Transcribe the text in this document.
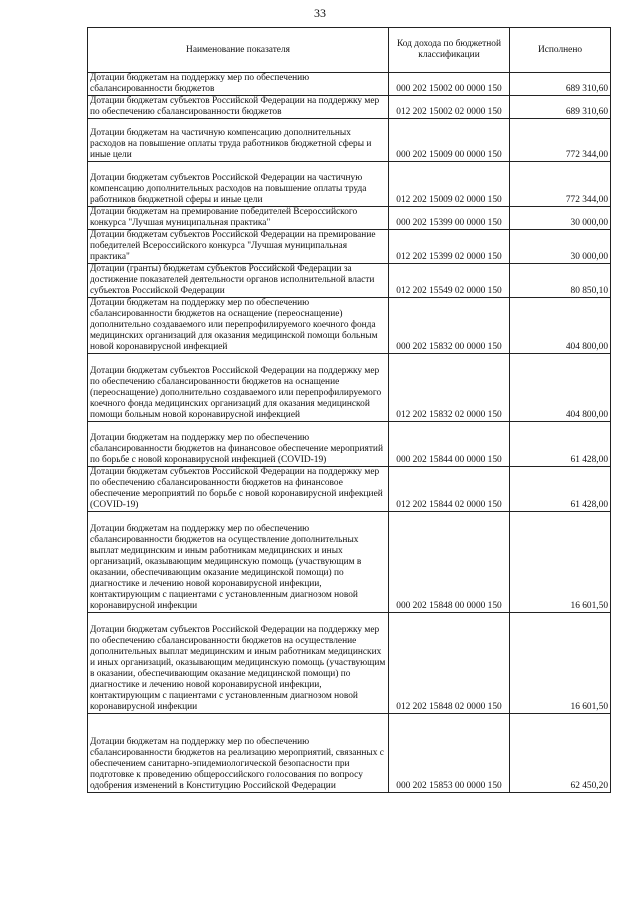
33
Наименование показателя	Код дохода по бюджетной классификации	Исполнено
Дотации бюджетам на поддержку мер по обеспечению сбалансированности бюджетов	000 202 15002 00 0000 150	689 310,60
Дотации бюджетам субъектов Российской Федерации на поддержку мер по обеспечению сбалансированности бюджетов	012 202 15002 02 0000 150	689 310,60
Дотации бюджетам на частичную компенсацию дополнительных расходов на повышение оплаты труда работников бюджетной сферы и иные цели	000 202 15009 00 0000 150	772 344,00
Дотации бюджетам субъектов Российской Федерации на частичную компенсацию дополнительных расходов на повышение оплаты труда работников бюджетной сферы и иные цели	012 202 15009 02 0000 150	772 344,00
Дотации бюджетам на премирование победителей Всероссийского конкурса "Лучшая муниципальная практика"	000 202 15399 00 0000 150	30 000,00
Дотации бюджетам субъектов Российской Федерации на премирование победителей Всероссийского конкурса "Лучшая муниципальная практика"	012 202 15399 02 0000 150	30 000,00
Дотации (гранты) бюджетам субъектов Российской Федерации за достижение показателей деятельности органов исполнительной власти субъектов Российской Федерации	012 202 15549 02 0000 150	80 850,10
Дотации бюджетам на поддержку мер по обеспечению сбалансированности бюджетов на оснащение (переоснащение) дополнительно создаваемого или перепрофилируемого коечного фонда медицинских организаций для оказания медицинской помощи больным новой коронавирусной инфекцией	000 202 15832 00 0000 150	404 800,00
Дотации бюджетам субъектов Российской Федерации на поддержку мер по обеспечению сбалансированности бюджетов на оснащение (переоснащение) дополнительно создаваемого или перепрофилируемого коечного фонда медицинских организаций для оказания медицинской помощи больным новой коронавирусной инфекцией	012 202 15832 02 0000 150	404 800,00
Дотации бюджетам на поддержку мер по обеспечению сбалансированности бюджетов на финансовое обеспечение мероприятий по борьбе с новой коронавирусной инфекцией (COVID-19)	000 202 15844 00 0000 150	61 428,00
Дотации бюджетам субъектов Российской Федерации на поддержку мер по обеспечению сбалансированности бюджетов на финансовое обеспечение мероприятий по борьбе с новой коронавирусной инфекцией (COVID-19)	012 202 15844 02 0000 150	61 428,00
Дотации бюджетам на поддержку мер по обеспечению сбалансированности бюджетов на осуществление дополнительных выплат медицинским и иным работникам медицинских и иных организаций, оказывающим медицинскую помощь (участвующим в оказании, обеспечивающим оказание медицинской помощи) по диагностике и лечению новой коронавирусной инфекции, контактирующим с пациентами с установленным диагнозом новой коронавирусной инфекции	000 202 15848 00 0000 150	16 601,50
Дотации бюджетам субъектов Российской Федерации на поддержку мер по обеспечению сбалансированности бюджетов на осуществление дополнительных выплат медицинским и иным работникам медицинских и иных организаций, оказывающим медицинскую помощь (участвующим в оказании, обеспечивающим оказание медицинской помощи) по диагностике и лечению новой коронавирусной инфекции, контактирующим с пациентами с установленным диагнозом новой коронавирусной инфекции	012 202 15848 02 0000 150	16 601,50
Дотации бюджетам на поддержку мер по обеспечению сбалансированности бюджетов на реализацию мероприятий, связанных с обеспечением санитарно-эпидемиологической безопасности при подготовке к проведению общероссийского голосования по вопросу одобрения изменений в Конституцию Российской Федерации	000 202 15853 00 0000 150	62 450,20
